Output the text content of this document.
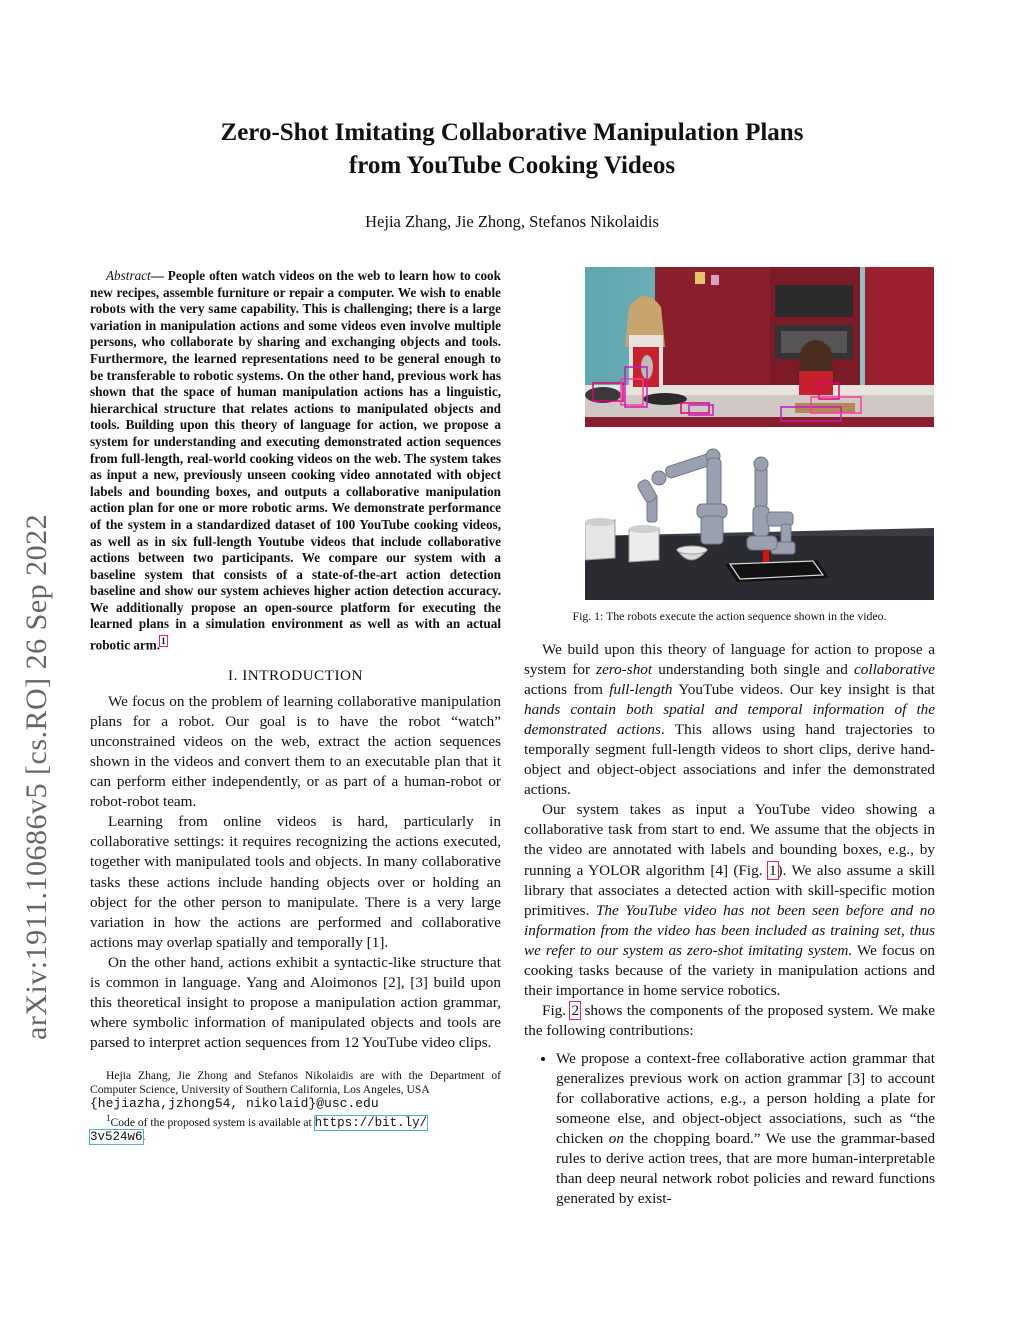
arXiv:1911.10686v5 [cs.RO] 26 Sep 2022
Zero-Shot Imitating Collaborative Manipulation Plans
from YouTube Cooking Videos
Hejia Zhang, Jie Zhong, Stefanos Nikolaidis

Abstract— People often watch videos on the web to learn how to cook new recipes, assemble furniture or repair a computer. We wish to enable robots with the very same capability. This is challenging; there is a large variation in manipulation actions and some videos even involve multiple persons, who collaborate by sharing and exchanging objects and tools. Furthermore, the learned representations need to be general enough to be transferable to robotic systems. On the other hand, previous work has shown that the space of human manipulation actions has a linguistic, hierarchical structure that relates actions to manipulated objects and tools. Building upon this theory of language for action, we propose a system for understanding and executing demonstrated action sequences from full-length, real-world cooking videos on the web. The system takes as input a new, previously unseen cooking video annotated with object labels and bounding boxes, and outputs a collaborative manipulation action plan for one or more robotic arms. We demonstrate performance of the system in a standardized dataset of 100 YouTube cooking videos, as well as in six full-length Youtube videos that include collaborative actions between two participants. We compare our system with a baseline system that consists of a state-of-the-art action detection baseline and show our system achieves higher action detection accuracy. We additionally propose an open-source platform for executing the learned plans in a simulation environment as well as with an actual robotic arm.$^1$

I. INTRODUCTION

We focus on the problem of learning collaborative manipulation plans for a robot. Our goal is to have the robot “watch” unconstrained videos on the web, extract the action sequences shown in the videos and convert them to an executable plan that it can perform either independently, or as part of a human-robot or robot-robot team.

Learning from online videos is hard, particularly in collaborative settings: it requires recognizing the actions executed, together with manipulated tools and objects. In many collaborative tasks these actions include handing objects over or holding an object for the other person to manipulate. There is a very large variation in how the actions are performed and collaborative actions may overlap spatially and temporally [1].

On the other hand, actions exhibit a syntactic-like structure that is common in language. Yang and Aloimonos [2], [3] build upon this theoretical insight to propose a manipulation action grammar, where symbolic information of manipulated objects and tools are parsed to interpret action sequences from 12 YouTube video clips.

Hejia Zhang, Jie Zhong and Stefanos Nikolaidis are with the Department of Computer Science, University of Southern California, Los Angeles, USA
{hejiazha,jzhong54, nikolaid}@usc.edu
$^1$Code of the proposed system is available at https://bit.ly/
3v524w6.
Fig. 1: The robots execute the action sequence shown in the video.

We build upon this theory of language for action to propose a system for zero-shot understanding both single and collaborative actions from full-length YouTube videos. Our key insight is that hands contain both spatial and temporal information of the demonstrated actions. This allows using hand trajectories to temporally segment full-length videos to short clips, derive hand-object and object-object associations and infer the demonstrated actions.

Our system takes as input a YouTube video showing a collaborative task from start to end. We assume that the objects in the video are annotated with labels and bounding boxes, e.g., by running a YOLOR algorithm [4] (Fig. 1). We also assume a skill library that associates a detected action with skill-specific motion primitives. The YouTube video has not been seen before and no information from the video has been included as training set, thus we refer to our system as zero-shot imitating system. We focus on cooking tasks because of the variety in manipulation actions and their importance in home service robotics.

Fig. 2 shows the components of the proposed system. We make the following contributions:

• We propose a context-free collaborative action grammar that generalizes previous work on action grammar [3] to account for collaborative actions, e.g., a person holding a plate for someone else, and object-object associations, such as “the chicken on the chopping board.” We use the grammar-based rules to derive action trees, that are more human-interpretable than deep neural network robot policies and reward functions generated by exist-
